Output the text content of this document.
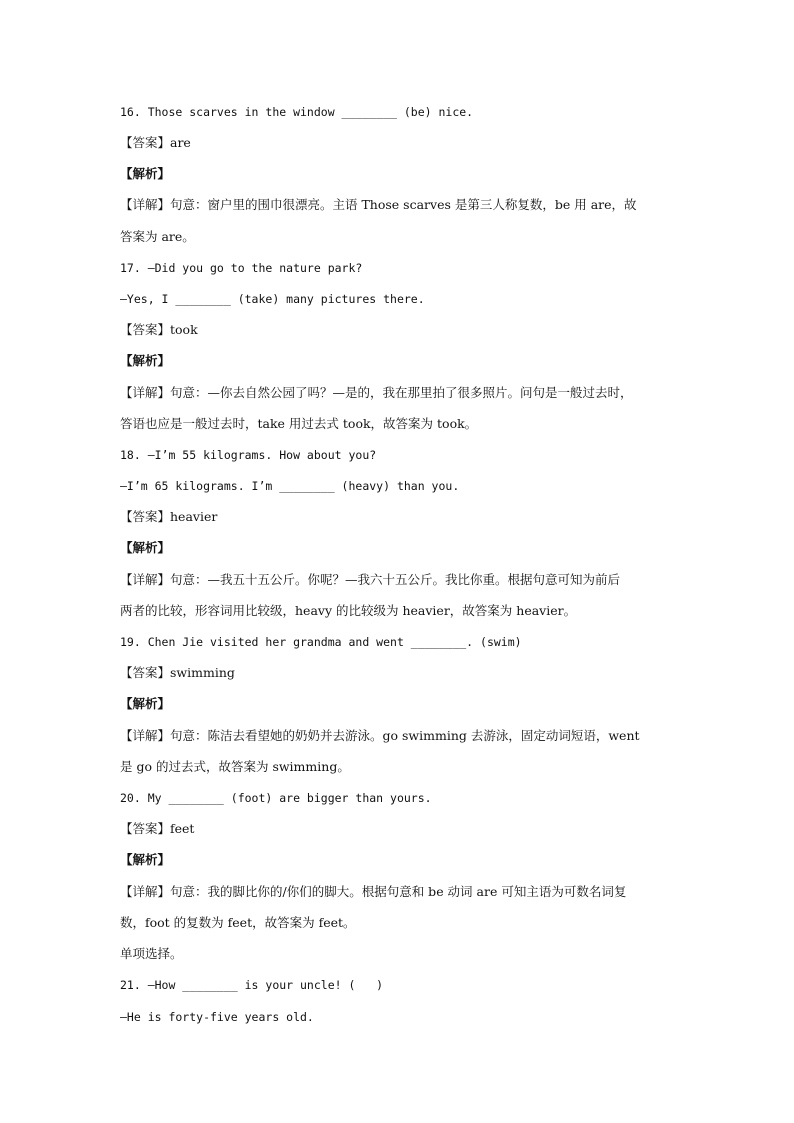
16. Those scarves in the window ________ (be) nice.
【答案】are
【解析】
【详解】句意：窗户里的围巾很漂亮。主语 Those scarves 是第三人称复数，be 用 are，故
答案为 are。
17. —Did you go to the nature park?
—Yes, I ________ (take) many pictures there.
【答案】took
【解析】
【详解】句意：—你去自然公园了吗？—是的，我在那里拍了很多照片。问句是一般过去时，
答语也应是一般过去时，take 用过去式 took，故答案为 took。
18. —I’m 55 kilograms. How about you?
—I’m 65 kilograms. I’m ________ (heavy) than you.
【答案】heavier
【解析】
【详解】句意：—我五十五公斤。你呢？—我六十五公斤。我比你重。根据句意可知为前后
两者的比较，形容词用比较级，heavy 的比较级为 heavier，故答案为 heavier。
19. Chen Jie visited her grandma and went ________. (swim)
【答案】swimming
【解析】
【详解】句意：陈洁去看望她的奶奶并去游泳。go swimming 去游泳，固定动词短语，went
是 go 的过去式，故答案为 swimming。
20. My ________ (foot) are bigger than yours.
【答案】feet
【解析】
【详解】句意：我的脚比你的/你们的脚大。根据句意和 be 动词 are 可知主语为可数名词复
数，foot 的复数为 feet，故答案为 feet。
单项选择。
21. —How ________ is your uncle! (   )
—He is forty-five years old.
